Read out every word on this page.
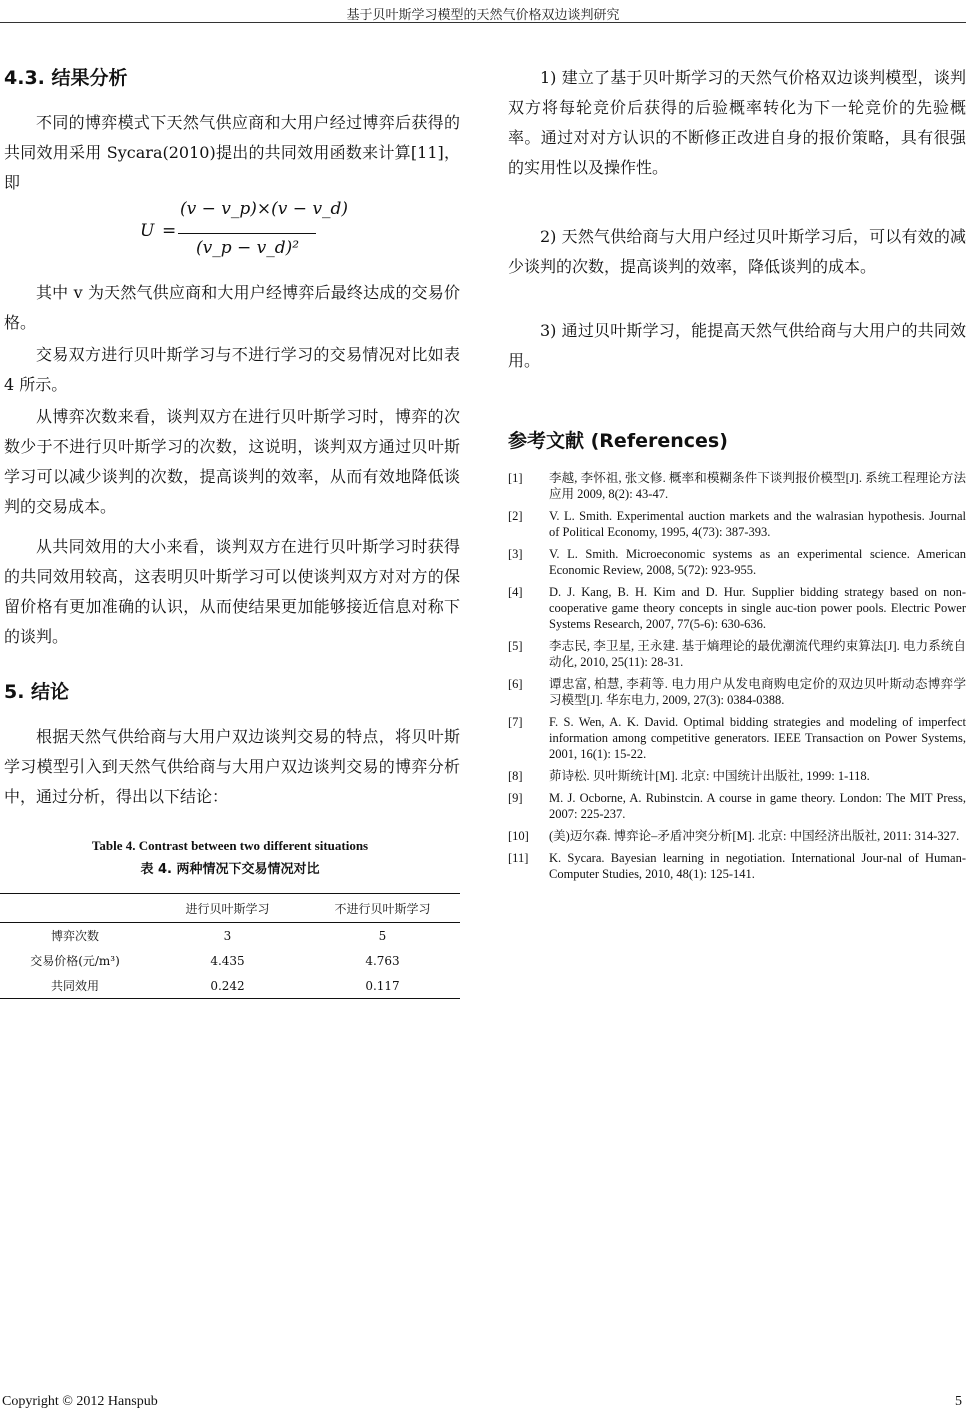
基于贝叶斯学习模型的天然气价格双边谈判研究
4.3. 结果分析

不同的博弈模式下天然气供应商和大用户经过博弈后获得的共同效用采用 Sycara(2010)提出的共同效用函数来计算[11]，即

U =
(v − v_p)×(v − v_d)
(v_p − v_d)²

其中 v 为天然气供应商和大用户经博弈后最终达成的交易价格。

交易双方进行贝叶斯学习与不进行学习的交易情况对比如表 4 所示。

从博弈次数来看，谈判双方在进行贝叶斯学习时，博弈的次数少于不进行贝叶斯学习的次数，这说明，谈判双方通过贝叶斯学习可以减少谈判的次数，提高谈判的效率，从而有效地降低谈判的交易成本。

从共同效用的大小来看，谈判双方在进行贝叶斯学习时获得的共同效用较高，这表明贝叶斯学习可以使谈判双方对对方的保留价格有更加准确的认识，从而使结果更加能够接近信息对称下的谈判。

5. 结论

根据天然气供给商与大用户双边谈判交易的特点，将贝叶斯学习模型引入到天然气供给商与大用户双边谈判交易的博弈分析中，通过分析，得出以下结论：

Table 4. Contrast between two different situations
表 4. 两种情况下交易情况对比
	进行贝叶斯学习	不进行贝叶斯学习
博弈次数	3	5
交易价格(元/m³)	4.435	4.763
共同效用	0.242	0.117

1) 建立了基于贝叶斯学习的天然气价格双边谈判模型，谈判双方将每轮竞价后获得的后验概率转化为下一轮竞价的先验概率。通过对对方认识的不断修正改进自身的报价策略，具有很强的实用性以及操作性。

2) 天然气供给商与大用户经过贝叶斯学习后，可以有效的减少谈判的次数，提高谈判的效率，降低谈判的成本。

3) 通过贝叶斯学习，能提高天然气供给商与大用户的共同效用。

参考文献 (References)
[1] 李越, 李怀祖, 张文修. 概率和模糊条件下谈判报价模型[J]. 系统工程理论方法应用 2009, 8(2): 43-47.
[2] V. L. Smith. Experimental auction markets and the walrasian hypothesis. Journal of Political Economy, 1995, 4(73): 387-393.
[3] V. L. Smith. Microeconomic systems as an experimental science. American Economic Review, 2008, 5(72): 923-955.
[4] D. J. Kang, B. H. Kim and D. Hur. Supplier bidding strategy based on non-cooperative game theory concepts in single auc-tion power pools. Electric Power Systems Research, 2007, 77(5-6): 630-636.
[5] 李志民, 李卫星, 王永建. 基于熵理论的最优潮流代理约束算法[J]. 电力系统自动化, 2010, 25(11): 28-31.
[6] 谭忠富, 柏慧, 李莉等. 电力用户从发电商购电定价的双边贝叶斯动态博弈学习模型[J]. 华东电力, 2009, 27(3): 0384-0388.
[7] F. S. Wen, A. K. David. Optimal bidding strategies and modeling of imperfect information among competitive generators. IEEE Transaction on Power Systems, 2001, 16(1): 15-22.
[8] 茆诗松. 贝叶斯统计[M]. 北京: 中国统计出版社, 1999: 1-118.
[9] M. J. Ocborne, A. Rubinstcin. A course in game theory. London: The MIT Press, 2007: 225-237.
[10] (美)迈尔森. 博弈论–矛盾冲突分析[M]. 北京: 中国经济出版社, 2011: 314-327.
[11] K. Sycara. Bayesian learning in negotiation. International Jour-nal of Human-Computer Studies, 2010, 48(1): 125-141.
Copyright © 2012 Hanspub	5
